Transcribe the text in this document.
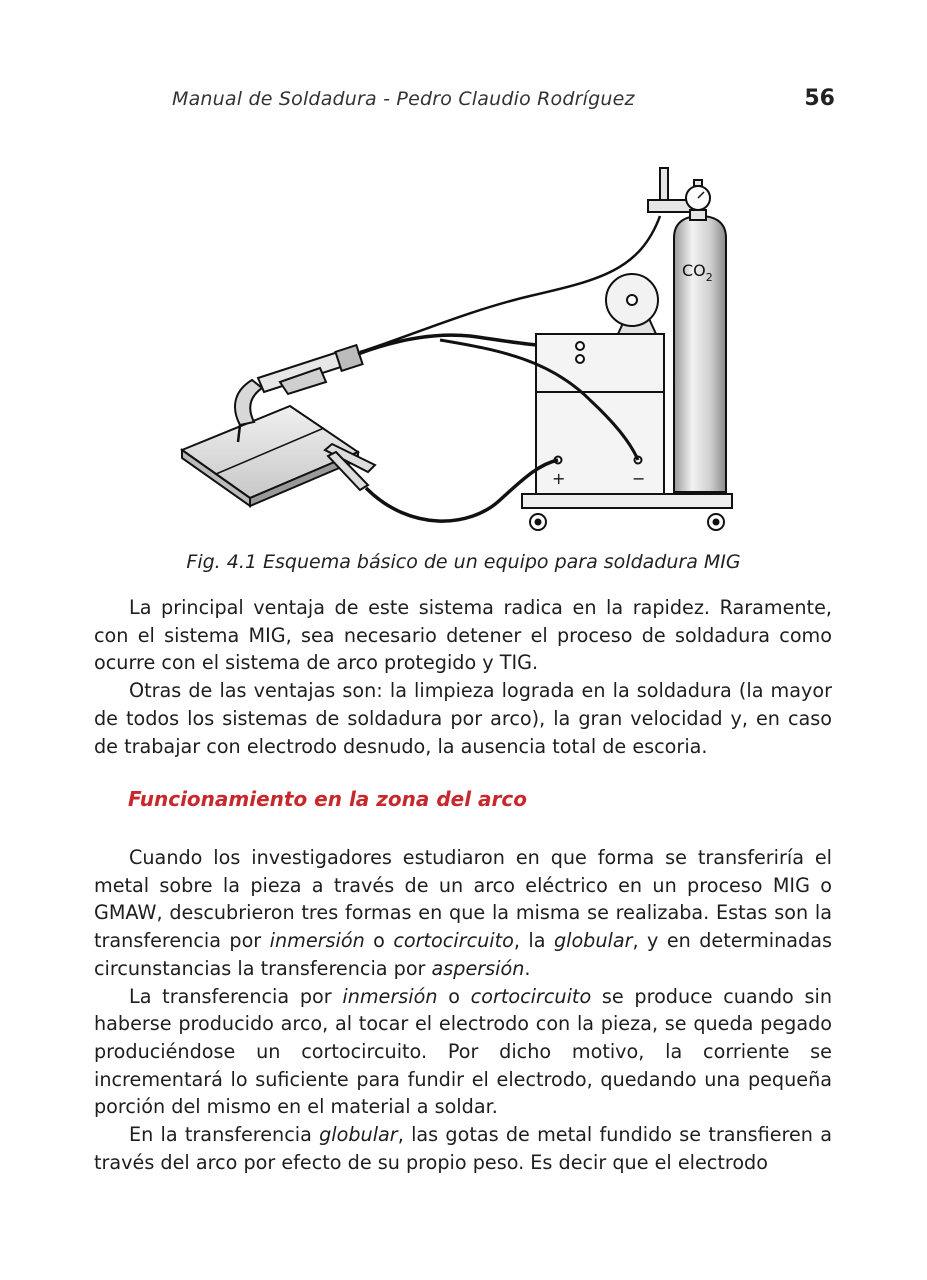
Manual de Soldadura - Pedro Claudio Rodríguez	56
+	−
$CO_2$
Fig. 4.1 Esquema básico de un equipo para soldadura MIG

La principal ventaja de este sistema radica en la rapidez. Raramente, con el sistema MIG, sea necesario detener el proceso de soldadura como ocurre con el sistema de arco protegido y TIG.

Otras de las ventajas son: la limpieza lograda en la soldadura (la mayor de todos los sistemas de soldadura por arco), la gran velocidad y, en caso de trabajar con electrodo desnudo, la ausencia total de escoria.

Funcionamiento en la zona del arco

Cuando los investigadores estudiaron en que forma se transferiría el metal sobre la pieza a través de un arco eléctrico en un proceso MIG o GMAW, descubrieron tres formas en que la misma se realizaba. Estas son la transferencia por inmersión o cortocircuito, la globular, y en determinadas circunstancias la transferencia por aspersión.

La transferencia por inmersión o cortocircuito se produce cuando sin haberse producido arco, al tocar el electrodo con la pieza, se queda pegado produciéndose un cortocircuito. Por dicho motivo, la corriente se incrementará lo suficiente para fundir el electrodo, quedando una pequeña porción del mismo en el material a soldar.

En la transferencia globular, las gotas de metal fundido se transfieren a través del arco por efecto de su propio peso. Es decir que el electrodo
